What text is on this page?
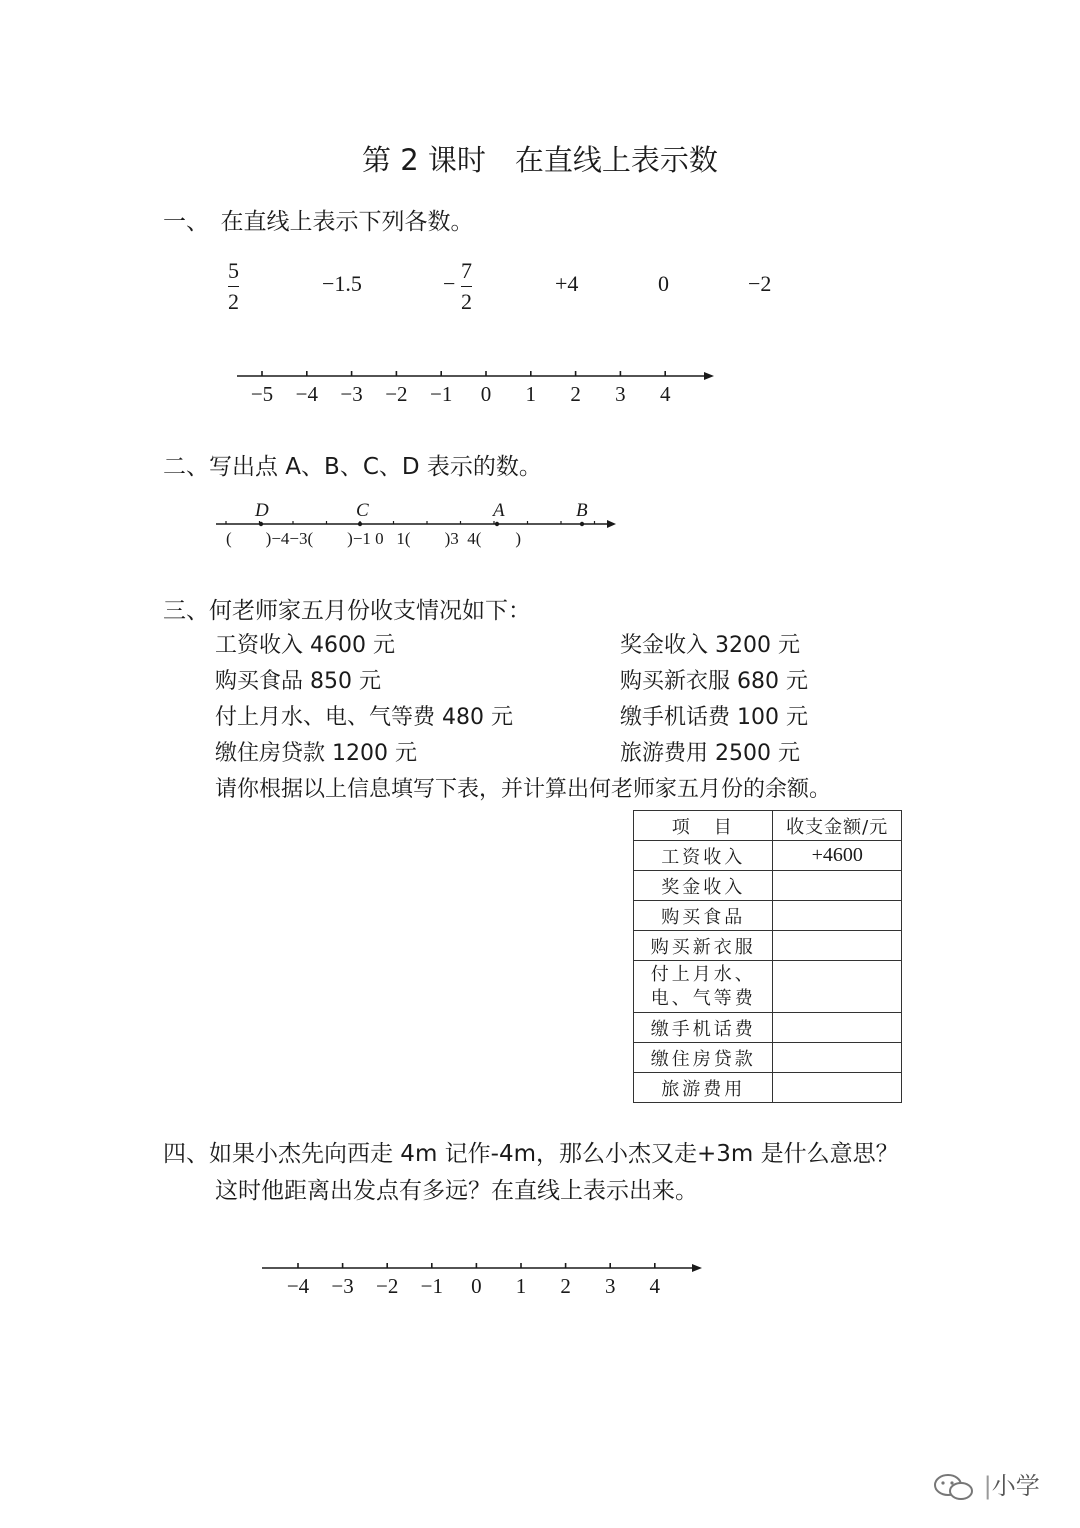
第 2 课时　在直线上表示数
一、　在直线上表示下列各数。
$\frac{5}{2}$	−1.5	− $\frac{7}{2}$	+4	0	−2
−5 −4 −3 −2 −1 0 1 2 3 4
−4 −3 −2 −1 0 1 2 3 4
二、写出点 A、B、C、D 表示的数。
D	C	A	B
(        )−4−3(        )−1 0   1(        )3  4(        )
三、何老师家五月份收支情况如下：
工资收入 4600 元	奖金收入 3200 元
购买食品 850 元	购买新衣服 680 元
付上月水、电、气等费 480 元	缴手机话费 100 元
缴住房贷款 1200 元	旅游费用 2500 元
请你根据以上信息填写下表，并计算出何老师家五月份的余额。
项　目	收支金额/元
工资收入	+4600
奖金收入	
购买食品	
购买新衣服	
付上月水、电、气等费	
缴手机话费	
缴住房贷款	
旅游费用	
四、如果小杰先向西走 4m 记作-4m，那么小杰又走+3m 是什么意思？
这时他距离出发点有多远？在直线上表示出来。
|小学
